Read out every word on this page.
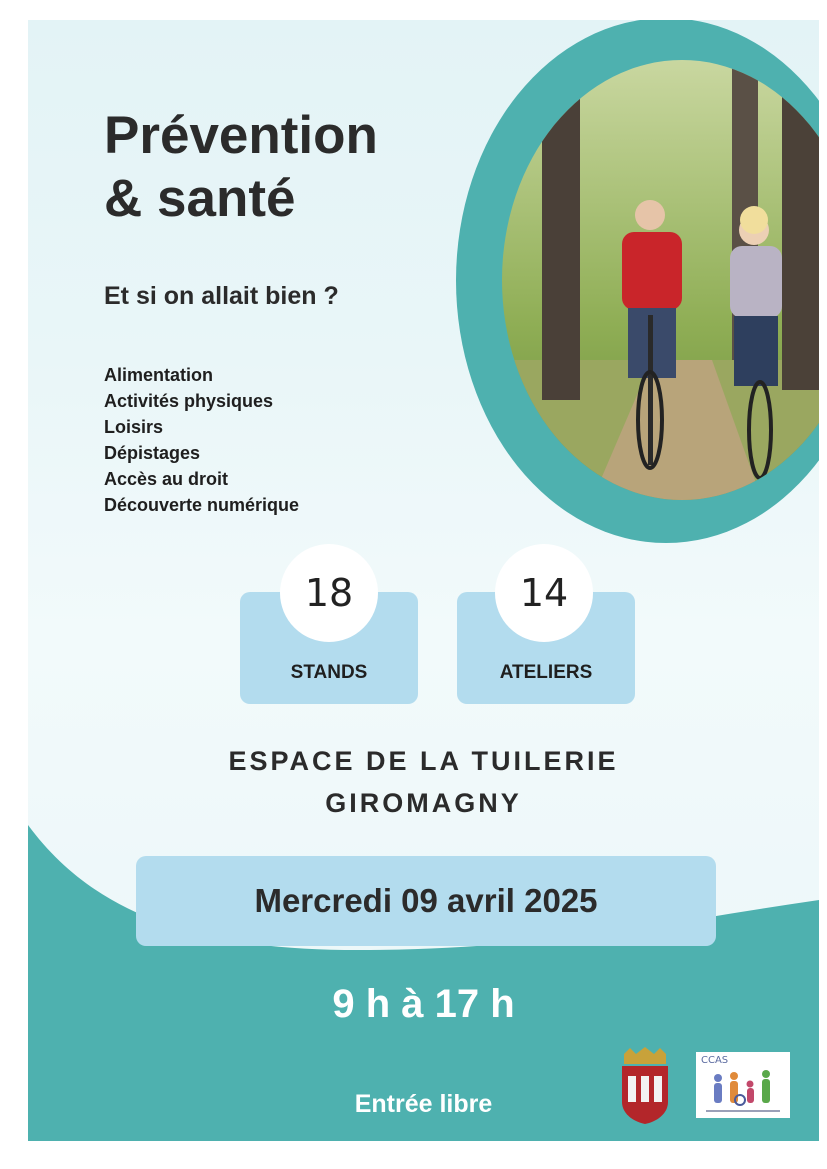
Prévention
& santé

Et si on allait bien ?

Alimentation
Activités physiques
Loisirs
Dépistages
Accès au droit
Découverte numérique
18
STANDS
14
ATELIERS

ESPACE DE LA TUILERIE

GIROMAGNY

Mercredi 09 avril 2025

9 h à 17 h

Entrée libre

CCAS
